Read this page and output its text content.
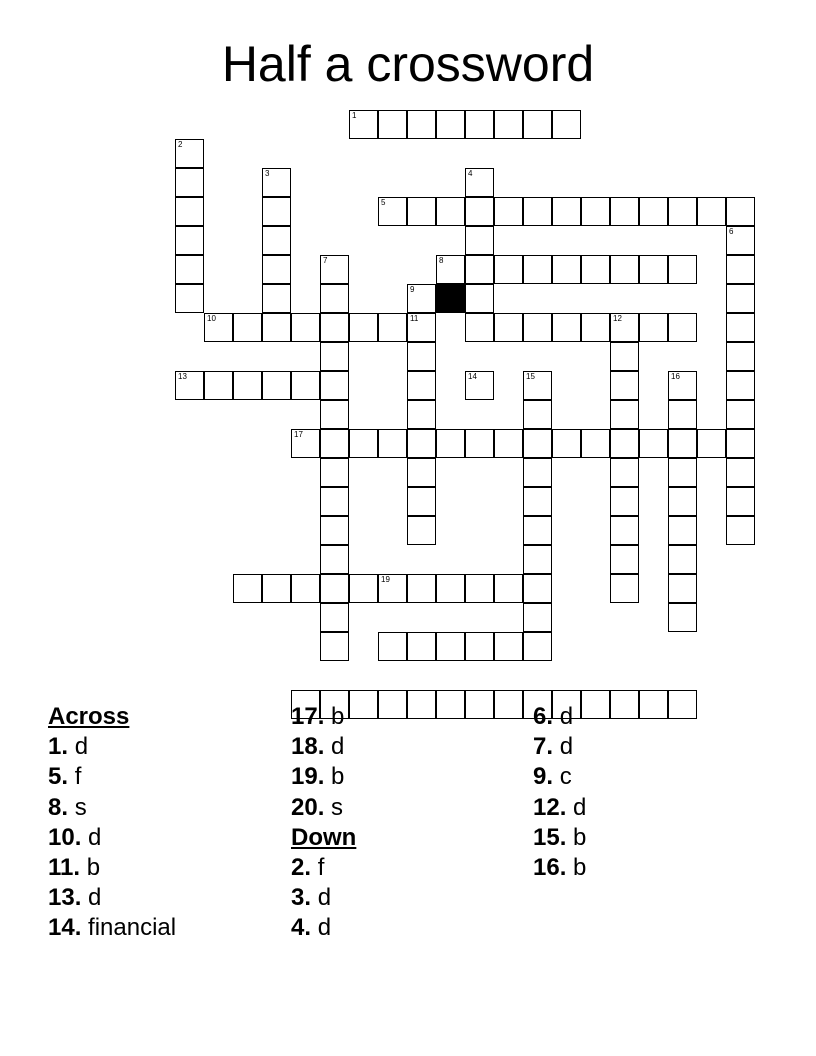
Half a crossword
1
2
3	4
5
6
7	8
9
10	11	12
13	14	15	16
17
19
Across
1. d
5. f
8. s
10. d
11. b
13. d
14. financial
17. b
18. d
19. b
20. s
Down
2. f
3. d
4. d
6. d
7. d
9. c
12. d
15. b
16. b
